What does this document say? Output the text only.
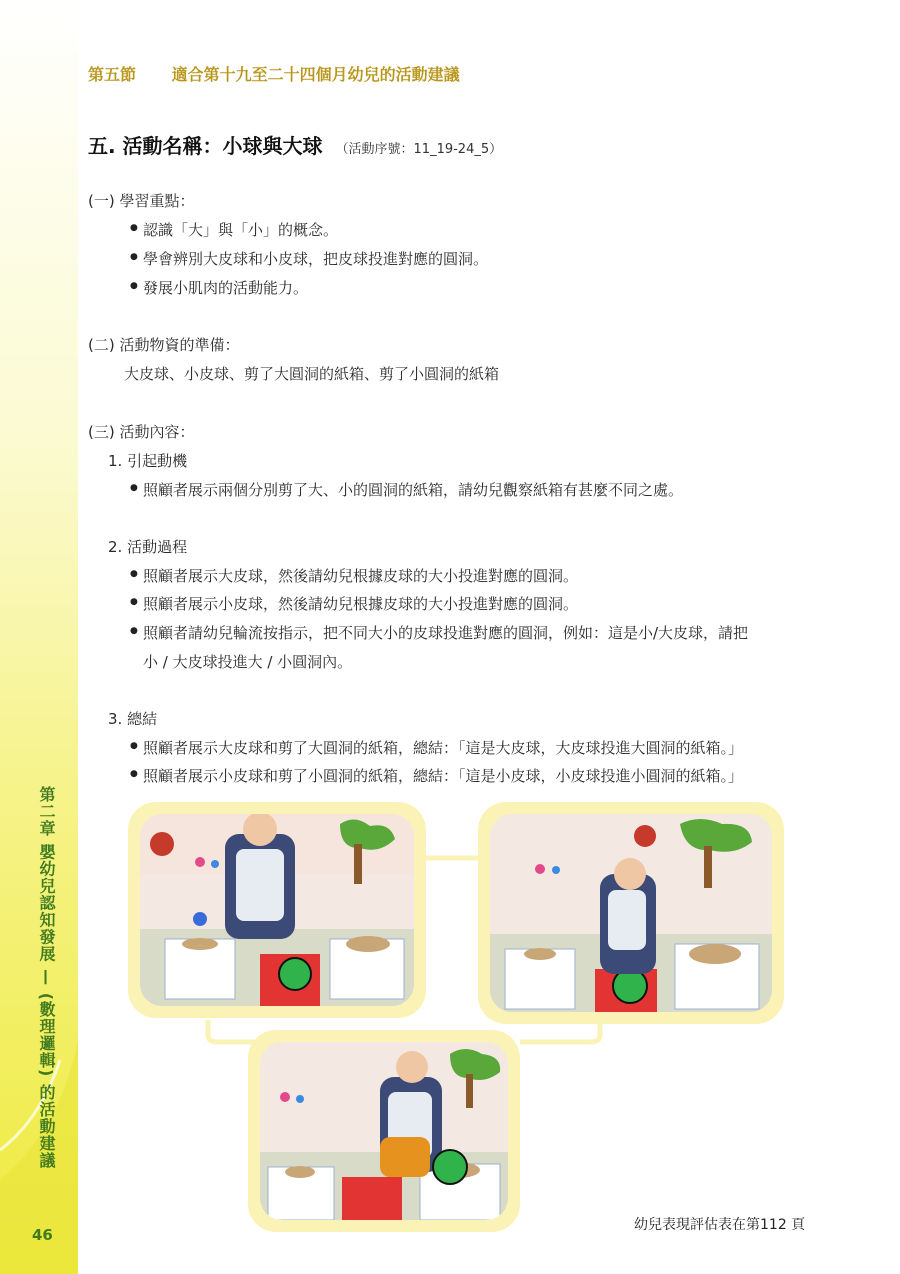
第二章 嬰幼兒認知發展 — (數理邏輯) 的活動建議
46
第五節 適合第十九至二十四個月幼兒的活動建議
五. 活動名稱：小球與大球 （活動序號：11_19-24_5）
(一) 學習重點：
● 認識「大」與「小」的概念。
● 學會辨別大皮球和小皮球，把皮球投進對應的圓洞。
● 發展小肌肉的活動能力。
(二) 活動物資的準備：
大皮球、小皮球、剪了大圓洞的紙箱、剪了小圓洞的紙箱
(三) 活動內容：
1. 引起動機
● 照顧者展示兩個分別剪了大、小的圓洞的紙箱，請幼兒觀察紙箱有甚麼不同之處。
2. 活動過程
● 照顧者展示大皮球，然後請幼兒根據皮球的大小投進對應的圓洞。
● 照顧者展示小皮球，然後請幼兒根據皮球的大小投進對應的圓洞。
● 照顧者請幼兒輪流按指示，把不同大小的皮球投進對應的圓洞，例如：這是小/大皮球，請把
小 / 大皮球投進大 / 小圓洞內。
3. 總結
● 照顧者展示大皮球和剪了大圓洞的紙箱，總結：「這是大皮球，大皮球投進大圓洞的紙箱。」
● 照顧者展示小皮球和剪了小圓洞的紙箱，總結：「這是小皮球，小皮球投進小圓洞的紙箱。」
幼兒表現評估表在第112 頁
